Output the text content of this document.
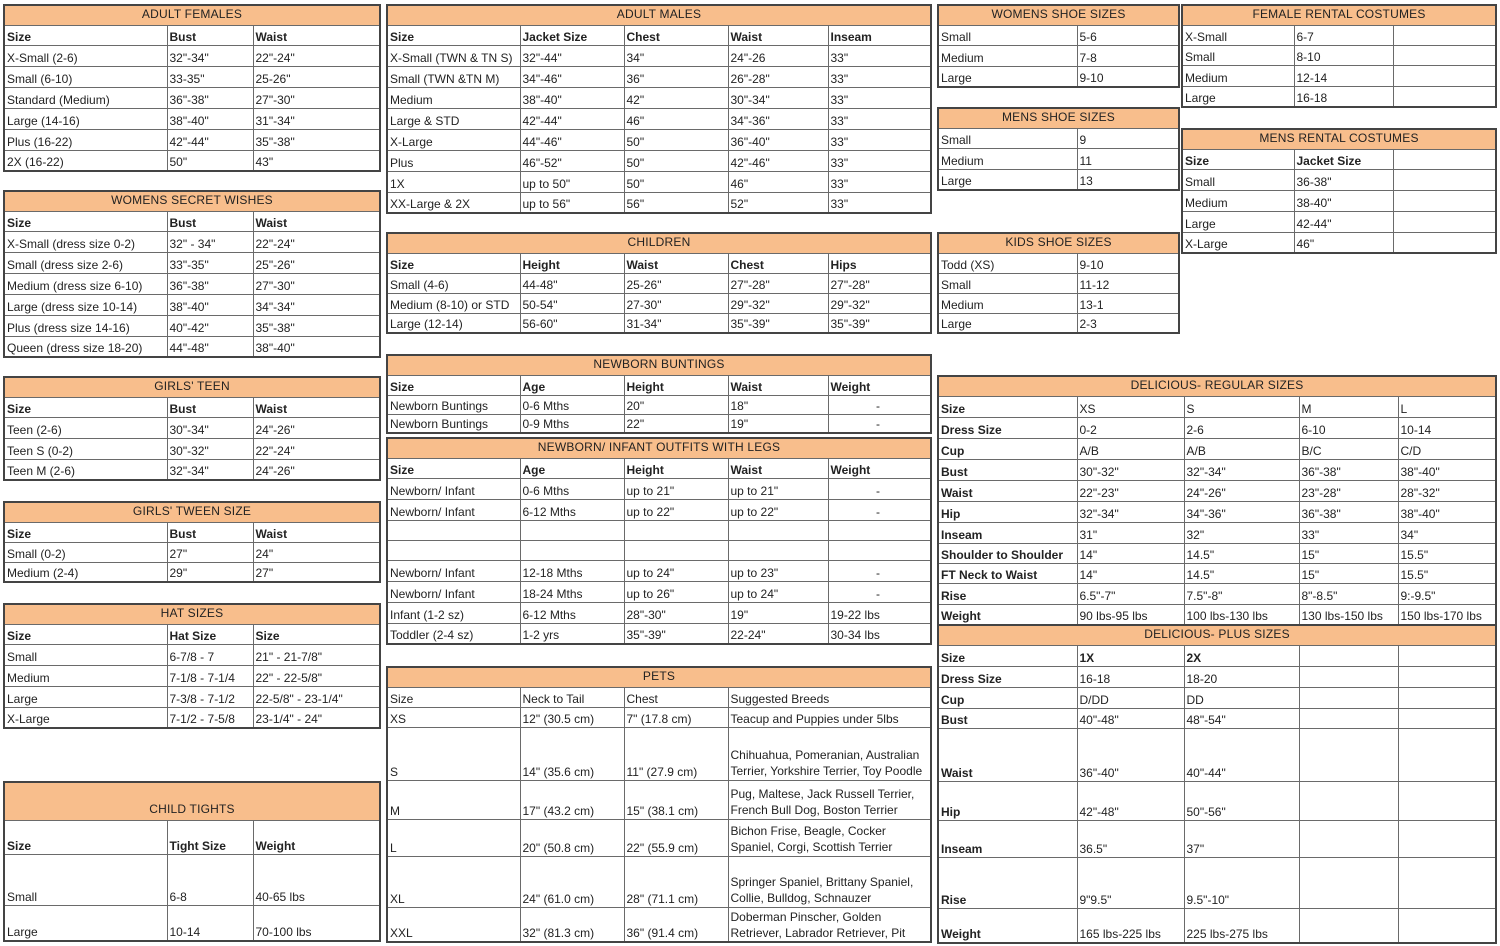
ADULT FEMALES		
Size	Bust	Waist
X-Small (2-6)	32"-34"	22"-24"
Small (6-10)	33-35"	25-26"
Standard (Medium)	36"-38"	27"-30"
Large (14-16)	38"-40"	31"-34"
Plus (16-22)	42"-44"	35"-38"
2X (16-22)	50"	43"
WOMENS SECRET WISHES		
Size	Bust	Waist
X-Small (dress size 0-2)	32" - 34"	22"-24"
Small (dress size 2-6)	33"-35"	25"-26"
Medium (dress size 6-10)	36"-38"	27"-30"
Large (dress size 10-14)	38"-40"	34"-34"
Plus (dress size 14-16)	40"-42"	35"-38"
Queen (dress size 18-20)	44"-48"	38"-40"
GIRLS' TEEN		
Size	Bust	Waist
Teen (2-6)	30"-34"	24"-26"
Teen S (0-2)	30"-32"	22"-24"
Teen M (2-6)	32"-34"	24"-26"
GIRLS' TWEEN SIZE		
Size	Bust	Waist
Small (0-2)	27"	24"
Medium (2-4)	29"	27"
HAT SIZES		
Size	Hat Size	Size
Small	6-7/8 - 7	21" - 21-7/8"
Medium	7-1/8 - 7-1/4	22" - 22-5/8"
Large	7-3/8 - 7-1/2	22-5/8" - 23-1/4"
X-Large	7-1/2 - 7-5/8	23-1/4" - 24"
CHILD TIGHTS		
Size	Tight Size	Weight
Small	6-8	40-65 lbs
Large	10-14	70-100 lbs
ADULT MALES				
Size	Jacket Size	Chest	Waist	Inseam
X-Small (TWN & TN S)	32"-44"	34"	24"-26	33"
Small (TWN &TN M)	34"-46"	36"	26"-28"	33"
Medium	38"-40"	42"	30"-34"	33"
Large & STD	42"-44"	46"	34"-36"	33"
X-Large	44"-46"	50"	36"-40"	33"
Plus	46"-52"	50"	42"-46"	33"
1X	up to 50"	50"	46"	33"
XX-Large & 2X	up to 56"	56"	52"	33"
CHILDREN				
Size	Height	Waist	Chest	Hips
Small (4-6)	44-48"	25-26"	27"-28"	27"-28"
Medium (8-10) or STD	50-54"	27-30"	29"-32"	29"-32"
Large (12-14)	56-60"	31-34"	35"-39"	35"-39"
NEWBORN BUNTINGS				
Size	Age	Height	Waist	Weight
Newborn Buntings	0-6 Mths	20"	18"	-
Newborn Buntings	0-9 Mths	22"	19"	-
NEWBORN/ INFANT OUTFITS WITH LEGS				
Size	Age	Height	Waist	Weight
Newborn/ Infant	0-6 Mths	up to 21"	up to 21"	-
Newborn/ Infant	6-12 Mths	up to 22"	up to 22"	-

Newborn/ Infant	12-18 Mths	up to 24"	up to 23"	-
Newborn/ Infant	18-24 Mths	up to 26"	up to 24"	-
Infant (1-2 sz)	6-12 Mths	28"-30"	19"	19-22 lbs
Toddler (2-4 sz)	1-2 yrs	35"-39"	22-24"	30-34 lbs
PETS			
Size	Neck to Tail	Chest	Suggested Breeds
XS	12" (30.5 cm)	7" (17.8 cm)	Teacup and Puppies under 5lbs
S	14" (35.6 cm)	11" (27.9 cm)	Chihuahua, Pomeranian, Australian Terrier, Yorkshire Terrier, Toy Poodle
M	17" (43.2 cm)	15" (38.1 cm)	Pug, Maltese, Jack Russell Terrier, French Bull Dog, Boston Terrier
L	20" (50.8 cm)	22" (55.9 cm)	Bichon Frise, Beagle, Cocker Spaniel, Corgi, Scottish Terrier
XL	24" (61.0 cm)	28" (71.1 cm)	Springer Spaniel, Brittany Spaniel, Collie, Bulldog, Schnauzer
XXL	32" (81.3 cm)	36" (91.4 cm)	Doberman Pinscher, Golden Retriever, Labrador Retriever, Pit
WOMENS SHOE SIZES	
Small	5-6
Medium	7-8
Large	9-10
MENS SHOE SIZES	
Small	9
Medium	11
Large	13
KIDS SHOE SIZES	
Todd (XS)	9-10
Small	11-12
Medium	13-1
Large	2-3
FEMALE RENTAL COSTUMES		
X-Small	6-7	
Small	8-10	
Medium	12-14	
Large	16-18	
MENS RENTAL COSTUMES		
Size	Jacket Size	
Small	36-38"	
Medium	38-40"	
Large	42-44"	
X-Large	46"	
DELICIOUS- REGULAR SIZES				
Size	XS	S	M	L
Dress Size	0-2	2-6	6-10	10-14
Cup	A/B	A/B	B/C	C/D
Bust	30"-32"	32"-34"	36"-38"	38"-40"
Waist	22"-23"	24"-26"	23"-28"	28"-32"
Hip	32"-34"	34"-36"	36"-38"	38"-40"
Inseam	31"	32"	33"	34"
Shoulder to Shoulder	14"	14.5"	15"	15.5"
FT Neck to Waist	14"	14.5"	15"	15.5"
Rise	6.5"-7"	7.5"-8"	8"-8.5"	9:-9.5"
Weight	90 lbs-95 lbs	100 lbs-130 lbs	130 lbs-150 lbs	150 lbs-170 lbs
DELICIOUS- PLUS SIZES				
Size	1X	2X		
Dress Size	16-18	18-20		
Cup	D/DD	DD		
Bust	40"-48"	48"-54"		
Waist	36"-40"	40"-44"		
Hip	42"-48"	50"-56"		
Inseam	36.5"	37"		
Rise	9"9.5"	9.5"-10"		
Weight	165 lbs-225 lbs	225 lbs-275 lbs		
